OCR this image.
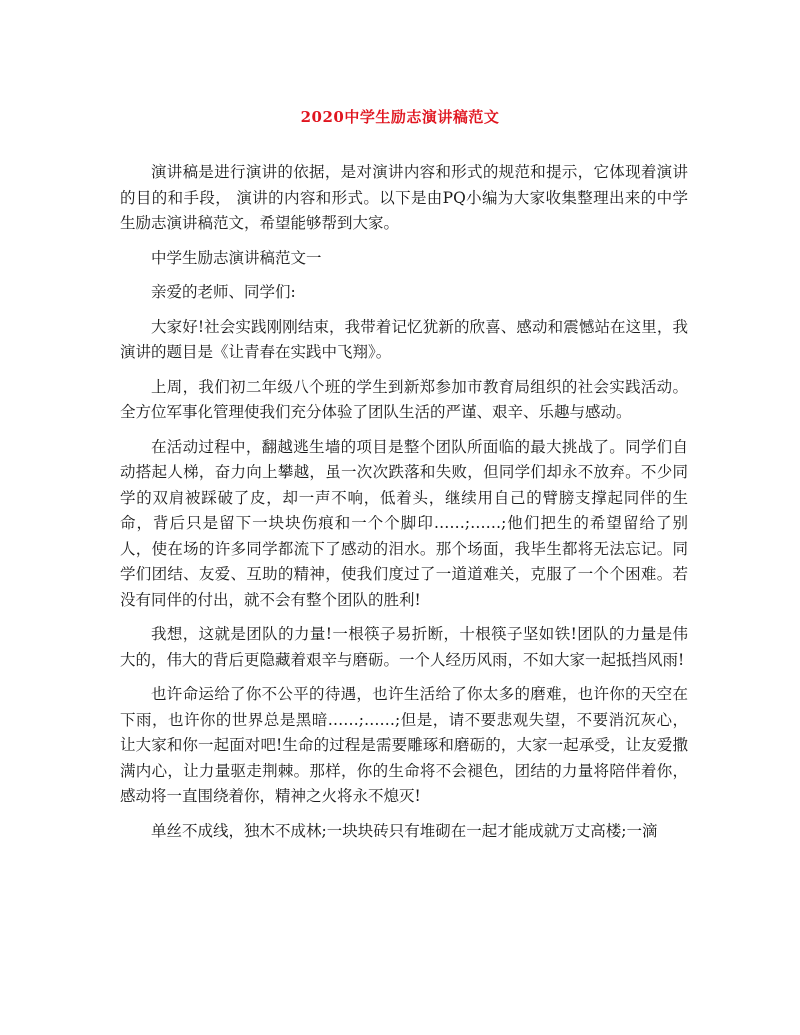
2020中学生励志演讲稿范文

演讲稿是进行演讲的依据，是对演讲内容和形式的规范和提示，它体现着演讲的目的和手段， 演讲的内容和形式。以下是由PQ小编为大家收集整理出来的中学生励志演讲稿范文，希望能够帮到大家。

中学生励志演讲稿范文一

亲爱的老师、同学们:

大家好!社会实践刚刚结束，我带着记忆犹新的欣喜、感动和震憾站在这里，我演讲的题目是《让青春在实践中飞翔》。

上周，我们初二年级八个班的学生到新郑参加市教育局组织的社会实践活动。全方位军事化管理使我们充分体验了团队生活的严谨、艰辛、乐趣与感动。

在活动过程中，翻越逃生墙的项目是整个团队所面临的最大挑战了。同学们自动搭起人梯，奋力向上攀越，虽一次次跌落和失败，但同学们却永不放弃。不少同学的双肩被踩破了皮，却一声不响，低着头，继续用自己的臂膀支撑起同伴的生命，背后只是留下一块块伤痕和一个个脚印……;……;他们把生的希望留给了别人，使在场的许多同学都流下了感动的泪水。那个场面，我毕生都将无法忘记。同学们团结、友爱、互助的精神，使我们度过了一道道难关，克服了一个个困难。若没有同伴的付出，就不会有整个团队的胜利!

我想，这就是团队的力量!一根筷子易折断，十根筷子坚如铁!团队的力量是伟大的，伟大的背后更隐藏着艰辛与磨砺。一个人经历风雨，不如大家一起抵挡风雨!

也许命运给了你不公平的待遇，也许生活给了你太多的磨难，也许你的天空在下雨，也许你的世界总是黑暗……;……;但是，请不要悲观失望，不要消沉灰心，让大家和你一起面对吧!生命的过程是需要雕琢和磨砺的，大家一起承受，让友爱撒满内心，让力量驱走荆棘。那样，你的生命将不会褪色，团结的力量将陪伴着你，感动将一直围绕着你，精神之火将永不熄灭!

单丝不成线，独木不成林;一块块砖只有堆砌在一起才能成就万丈高楼;一滴
